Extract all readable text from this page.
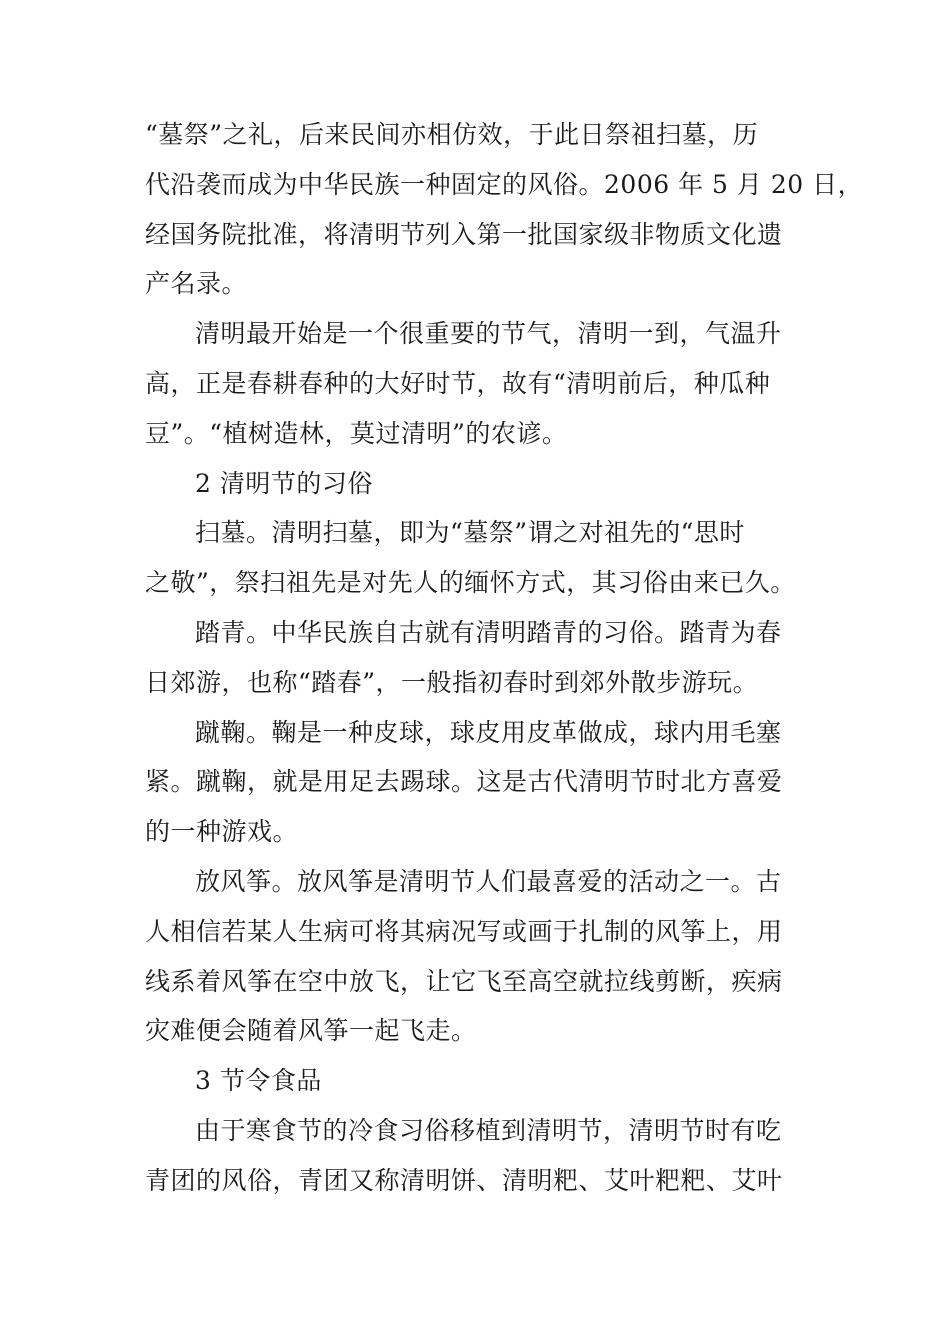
“墓祭”之礼，后来民间亦相仿效，于此日祭祖扫墓，历
代沿袭而成为中华民族一种固定的风俗。2006 年 5 月 20 日，
经国务院批准，将清明节列入第一批国家级非物质文化遗
产名录。
清明最开始是一个很重要的节气，清明一到，气温升
高，正是春耕春种的大好时节，故有“清明前后，种瓜种
豆”。“植树造林，莫过清明”的农谚。
2 清明节的习俗
扫墓。清明扫墓，即为“墓祭”谓之对祖先的“思时
之敬”，祭扫祖先是对先人的缅怀方式，其习俗由来已久。
踏青。中华民族自古就有清明踏青的习俗。踏青为春
日郊游，也称“踏春”，一般指初春时到郊外散步游玩。
蹴鞠。鞠是一种皮球，球皮用皮革做成，球内用毛塞
紧。蹴鞠，就是用足去踢球。这是古代清明节时北方喜爱
的一种游戏。
放风筝。放风筝是清明节人们最喜爱的活动之一。古
人相信若某人生病可将其病况写或画于扎制的风筝上，用
线系着风筝在空中放飞，让它飞至高空就拉线剪断，疾病
灾难便会随着风筝一起飞走。
3 节令食品
由于寒食节的冷食习俗移植到清明节，清明节时有吃
青团的风俗，青团又称清明饼、清明粑、艾叶粑粑、艾叶
